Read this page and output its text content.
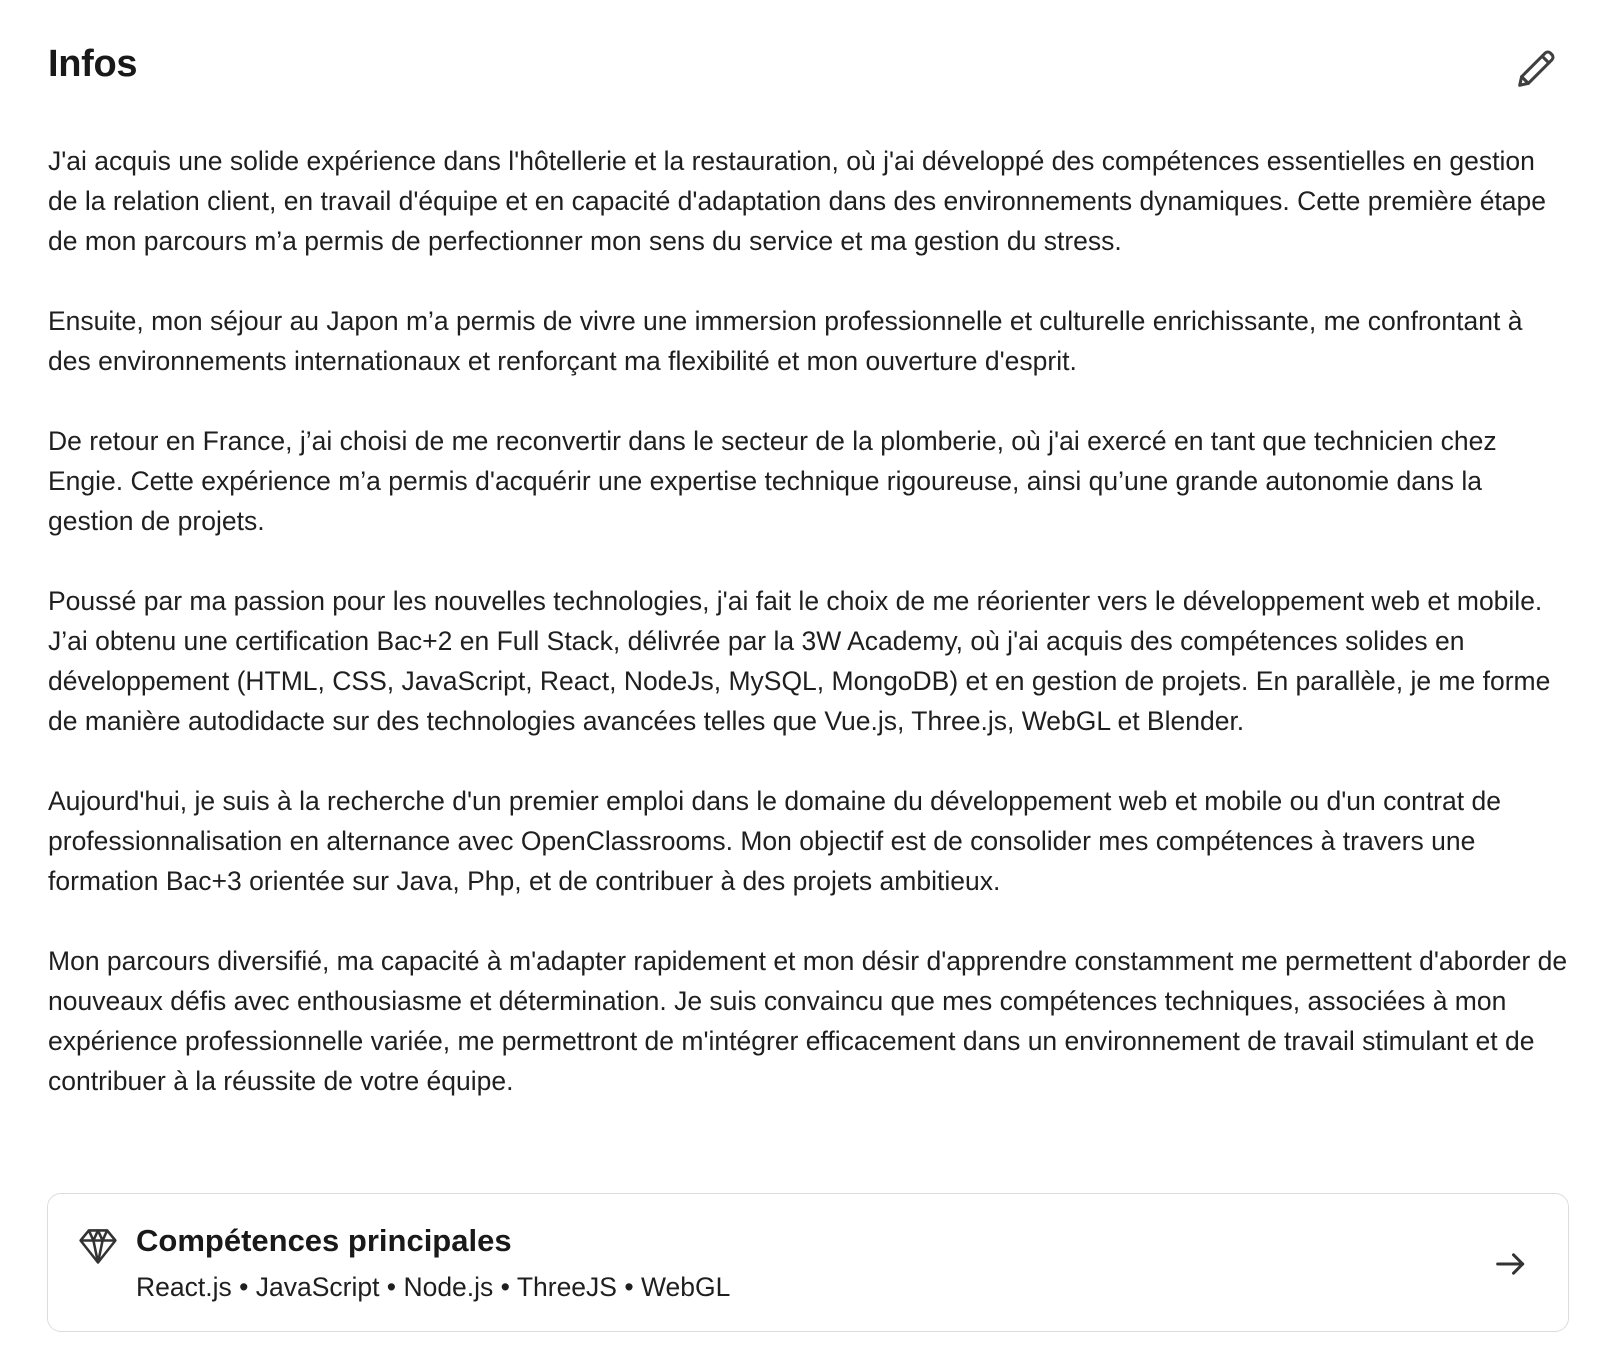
Infos

J'ai acquis une solide expérience dans l'hôtellerie et la restauration, où j'ai développé des compétences essentielles en gestion de la relation client, en travail d'équipe et en capacité d'adaptation dans des environnements dynamiques. Cette première étape de mon parcours m’a permis de perfectionner mon sens du service et ma gestion du stress.

Ensuite, mon séjour au Japon m’a permis de vivre une immersion professionnelle et culturelle enrichissante, me confrontant à des environnements internationaux et renforçant ma flexibilité et mon ouverture d'esprit.

De retour en France, j’ai choisi de me reconvertir dans le secteur de la plomberie, où j'ai exercé en tant que technicien chez Engie. Cette expérience m’a permis d'acquérir une expertise technique rigoureuse, ainsi qu’une grande autonomie dans la gestion de projets.

Poussé par ma passion pour les nouvelles technologies, j'ai fait le choix de me réorienter vers le développement web et mobile. J’ai obtenu une certification Bac+2 en Full Stack, délivrée par la 3W Academy, où j'ai acquis des compétences solides en développement (HTML, CSS, JavaScript, React, NodeJs, MySQL, MongoDB) et en gestion de projets. En parallèle, je me forme de manière autodidacte sur des technologies avancées telles que Vue.js, Three.js, WebGL et Blender.

Aujourd'hui, je suis à la recherche d'un premier emploi dans le domaine du développement web et mobile ou d'un contrat de professionnalisation en alternance avec OpenClassrooms. Mon objectif est de consolider mes compétences à travers une formation Bac+3 orientée sur Java, Php, et de contribuer à des projets ambitieux.

Mon parcours diversifié, ma capacité à m'adapter rapidement et mon désir d'apprendre constamment me permettent d'aborder de nouveaux défis avec enthousiasme et détermination. Je suis convaincu que mes compétences techniques, associées à mon expérience professionnelle variée, me permettront de m'intégrer efficacement dans un environnement de travail stimulant et de contribuer à la réussite de votre équipe.

Compétences principales
React.js • JavaScript • Node.js • ThreeJS • WebGL
